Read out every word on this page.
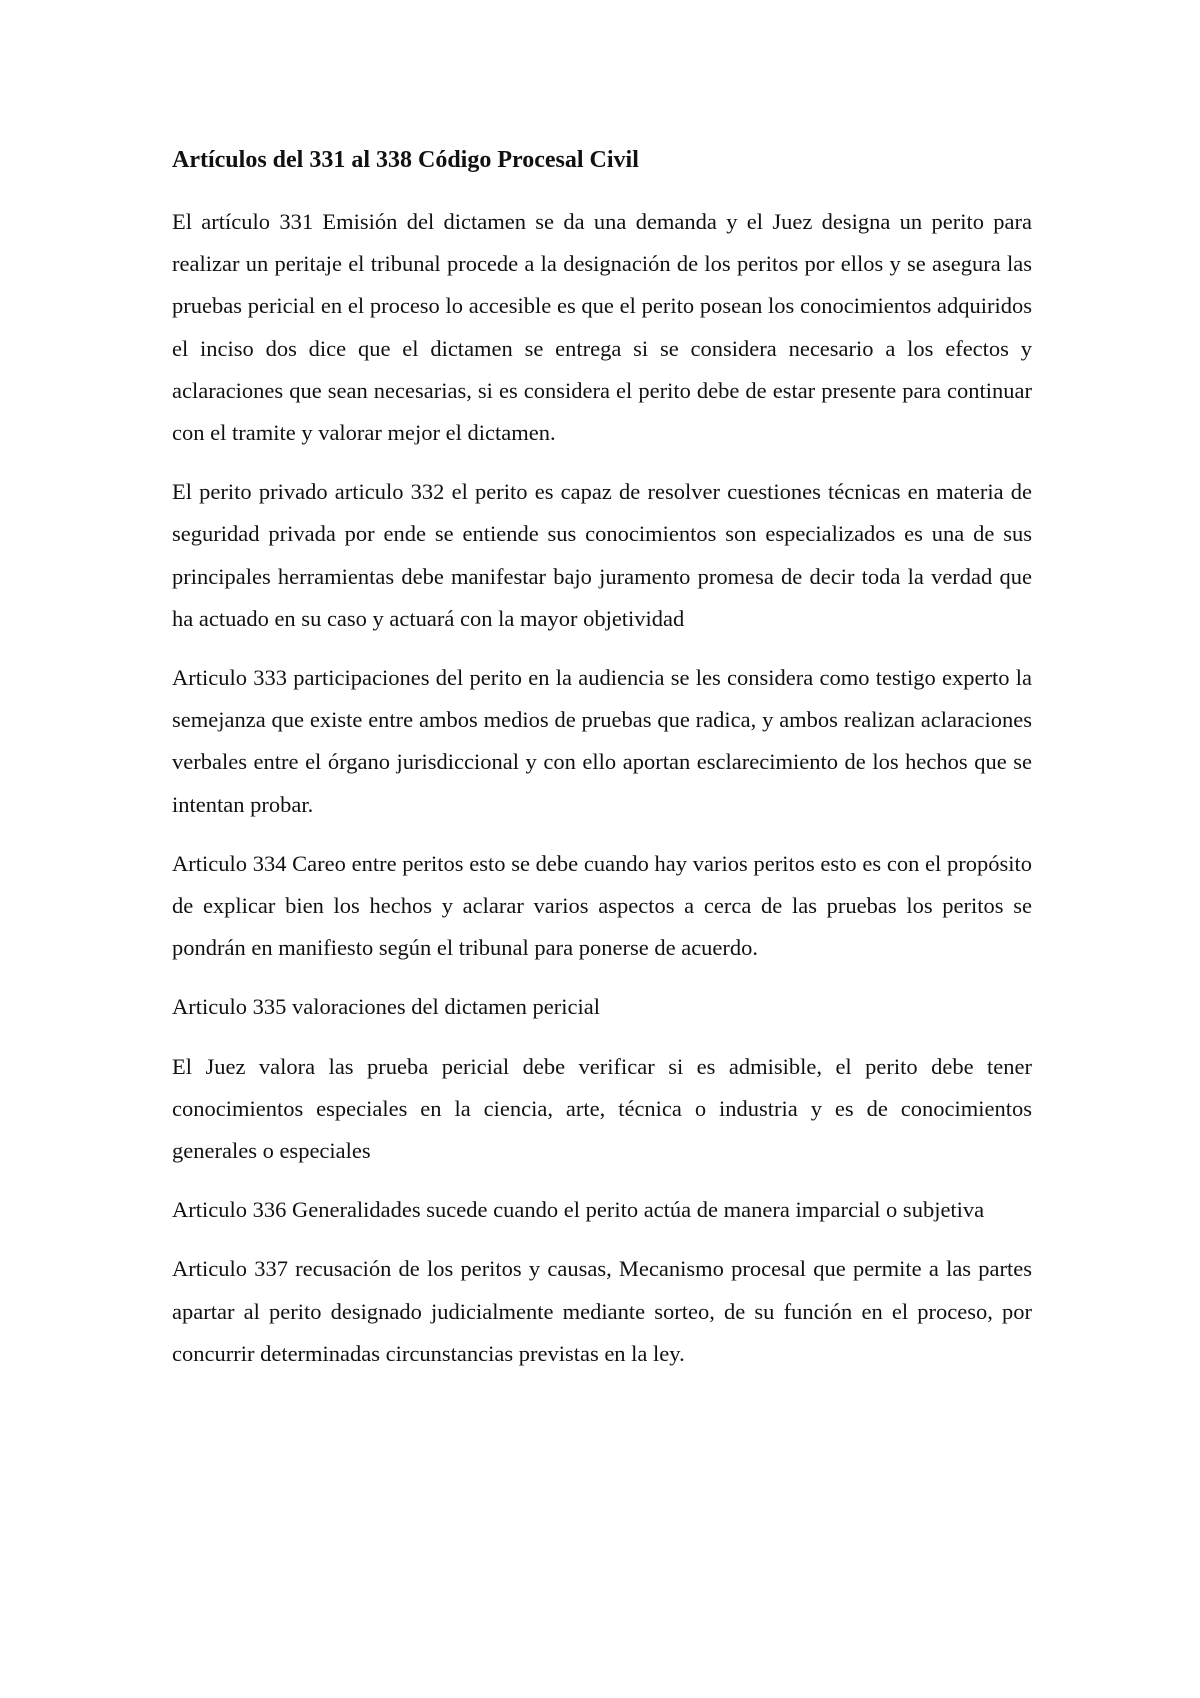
Artículos del 331 al 338 Código Procesal Civil

El artículo 331 Emisión del dictamen se da una demanda y el Juez designa un perito para realizar un peritaje el tribunal procede a la designación de los peritos por ellos y se asegura las pruebas pericial en el proceso lo accesible es que el perito posean los conocimientos adquiridos el inciso dos dice que el dictamen se entrega si se considera necesario a los efectos y aclaraciones que sean necesarias, si es considera el perito debe de estar presente para continuar con el tramite y valorar mejor el dictamen.

El perito privado articulo 332 el perito es capaz de resolver cuestiones técnicas en materia de seguridad privada por ende se entiende sus conocimientos son especializados es una de sus principales herramientas debe manifestar bajo juramento promesa de decir toda la verdad que ha actuado en su caso y actuará con la mayor objetividad

Articulo 333 participaciones del perito en la audiencia se les considera como testigo experto la semejanza que existe entre ambos medios de pruebas que radica, y ambos realizan aclaraciones verbales entre el órgano jurisdiccional y con ello aportan esclarecimiento de los hechos que se intentan probar.

Articulo 334 Careo entre peritos esto se debe cuando hay varios peritos esto es con el propósito de explicar bien los hechos y aclarar varios aspectos a cerca de las pruebas los peritos se pondrán en manifiesto según el tribunal para ponerse de acuerdo.

Articulo 335 valoraciones del dictamen pericial

El Juez valora las prueba pericial debe verificar si es admisible, el perito debe tener conocimientos especiales en la ciencia, arte, técnica o industria y es de conocimientos generales o especiales

Articulo 336 Generalidades sucede cuando el perito actúa de manera imparcial o subjetiva

Articulo 337 recusación de los peritos y causas, Mecanismo procesal que permite a las partes apartar al perito designado judicialmente mediante sorteo, de su función en el proceso, por concurrir determinadas circunstancias previstas en la ley.
